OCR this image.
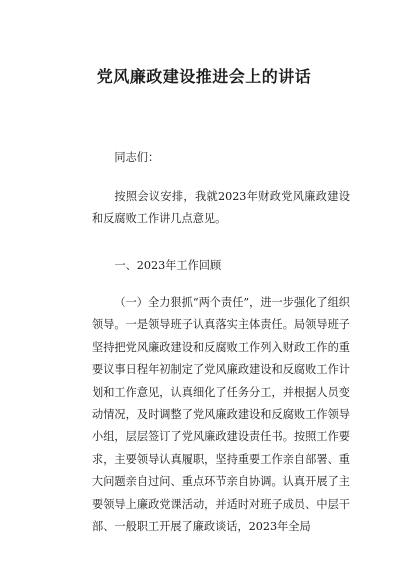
党风廉政建设推进会上的讲话

同志们：

按照会议安排，我就2023年财政党风廉政建设和反腐败工作讲几点意见。

一、2023年工作回顾

（一）全力狠抓“两个责任”，进一步强化了组织领导。一是领导班子认真落实主体责任。局领导班子坚持把党风廉政建设和反腐败工作列入财政工作的重要议事日程年初制定了党风廉政建设和反腐败工作计划和工作意见，认真细化了任务分工，并根据人员变动情况，及时调整了党风廉政建设和反腐败工作领导小组，层层签订了党风廉政建设责任书。按照工作要求，主要领导认真履职，坚持重要工作亲自部署、重大问题亲自过问、重点环节亲自协调。认真开展了主要领导上廉政党课活动，并适时对班子成员、中层干部、一般职工开展了廉政谈话，2023年全局
